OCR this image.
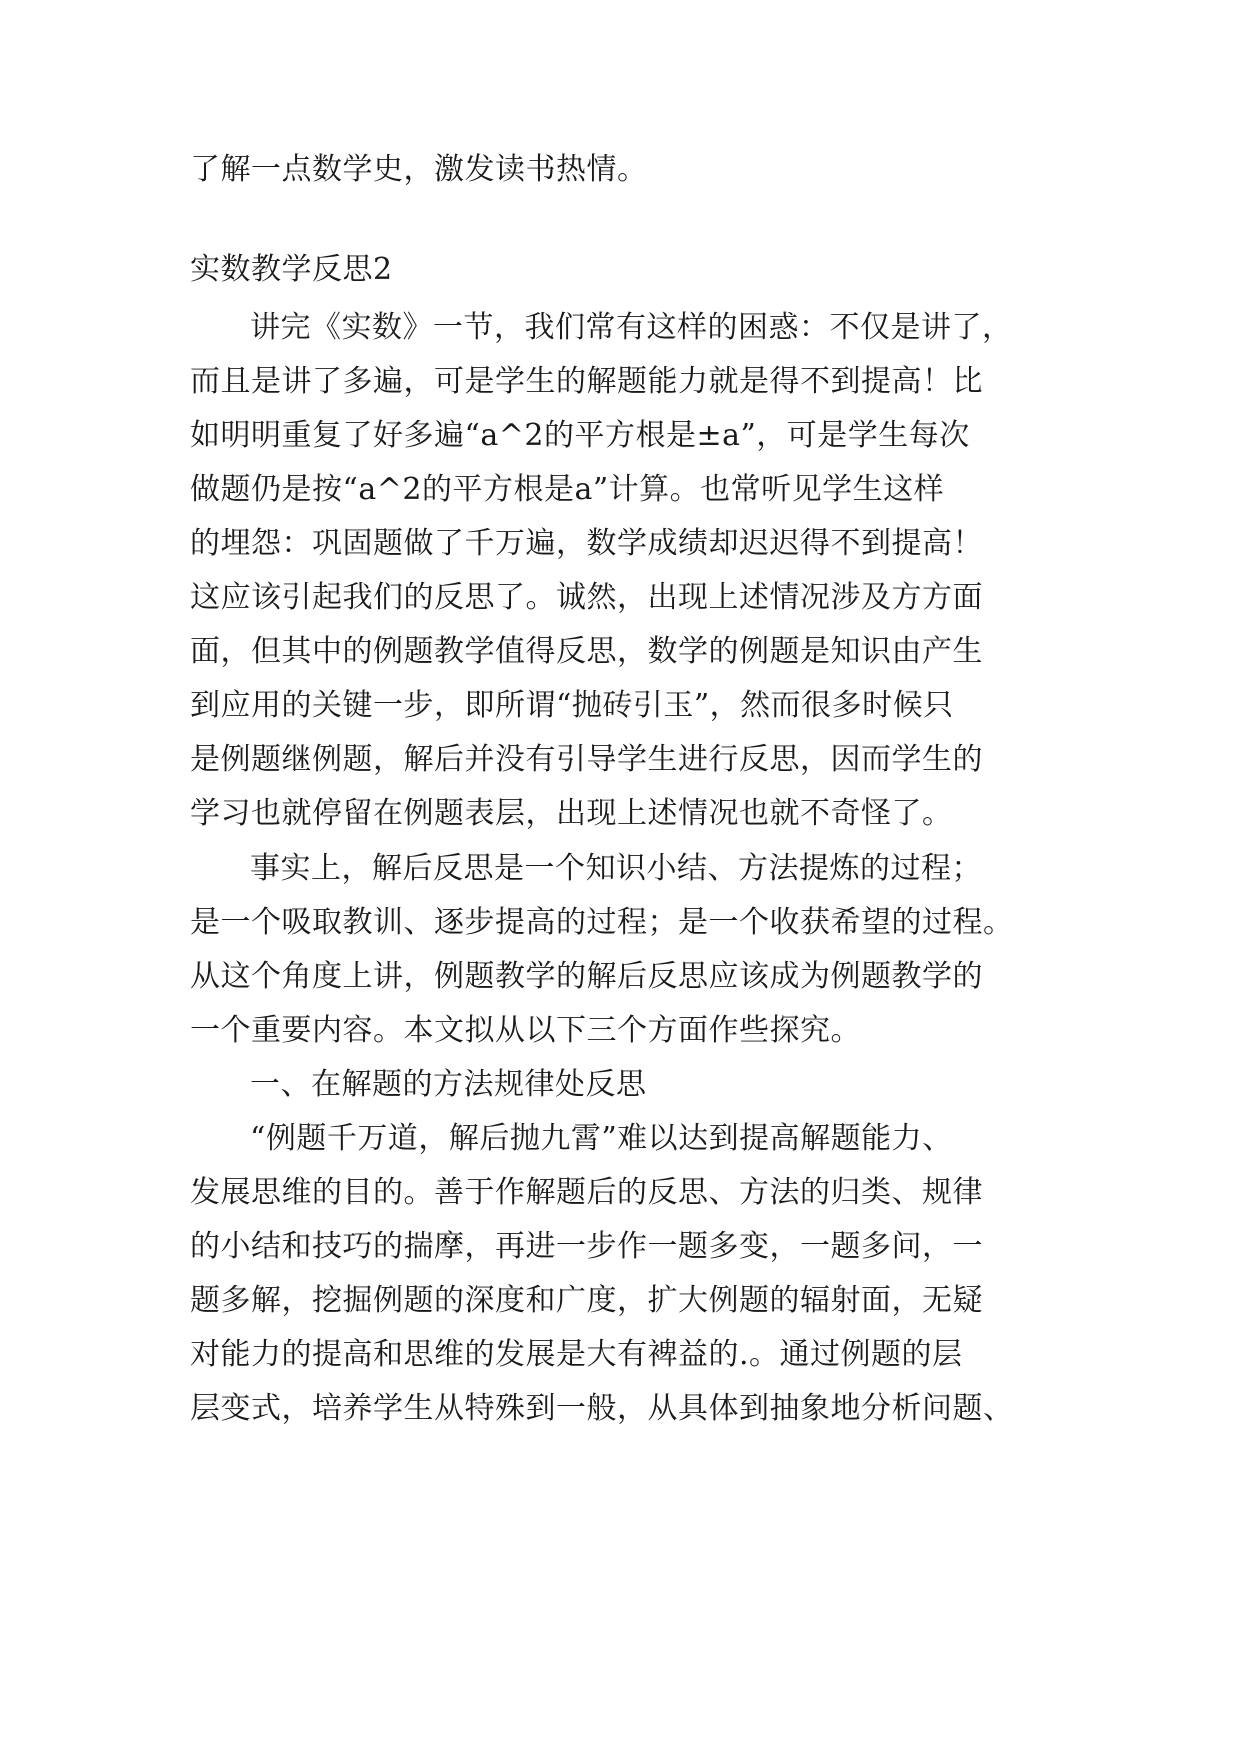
了解一点数学史，激发读书热情。
实数教学反思2
讲完《实数》一节，我们常有这样的困惑：不仅是讲了，
而且是讲了多遍，可是学生的解题能力就是得不到提高！比
如明明重复了好多遍“a^2的平方根是±a”，可是学生每次
做题仍是按“a^2的平方根是a”计算。也常听见学生这样
的埋怨：巩固题做了千万遍，数学成绩却迟迟得不到提高！
这应该引起我们的反思了。诚然，出现上述情况涉及方方面
面，但其中的例题教学值得反思，数学的例题是知识由产生
到应用的关键一步，即所谓“抛砖引玉”，然而很多时候只
是例题继例题，解后并没有引导学生进行反思，因而学生的
学习也就停留在例题表层，出现上述情况也就不奇怪了。
事实上，解后反思是一个知识小结、方法提炼的过程；
是一个吸取教训、逐步提高的过程；是一个收获希望的过程。
从这个角度上讲，例题教学的解后反思应该成为例题教学的
一个重要内容。本文拟从以下三个方面作些探究。
一、在解题的方法规律处反思
“例题千万道，解后抛九霄”难以达到提高解题能力、
发展思维的目的。善于作解题后的反思、方法的归类、规律
的小结和技巧的揣摩，再进一步作一题多变，一题多问，一
题多解，挖掘例题的深度和广度，扩大例题的辐射面，无疑
对能力的提高和思维的发展是大有裨益的.。通过例题的层
层变式，培养学生从特殊到一般，从具体到抽象地分析问题、
